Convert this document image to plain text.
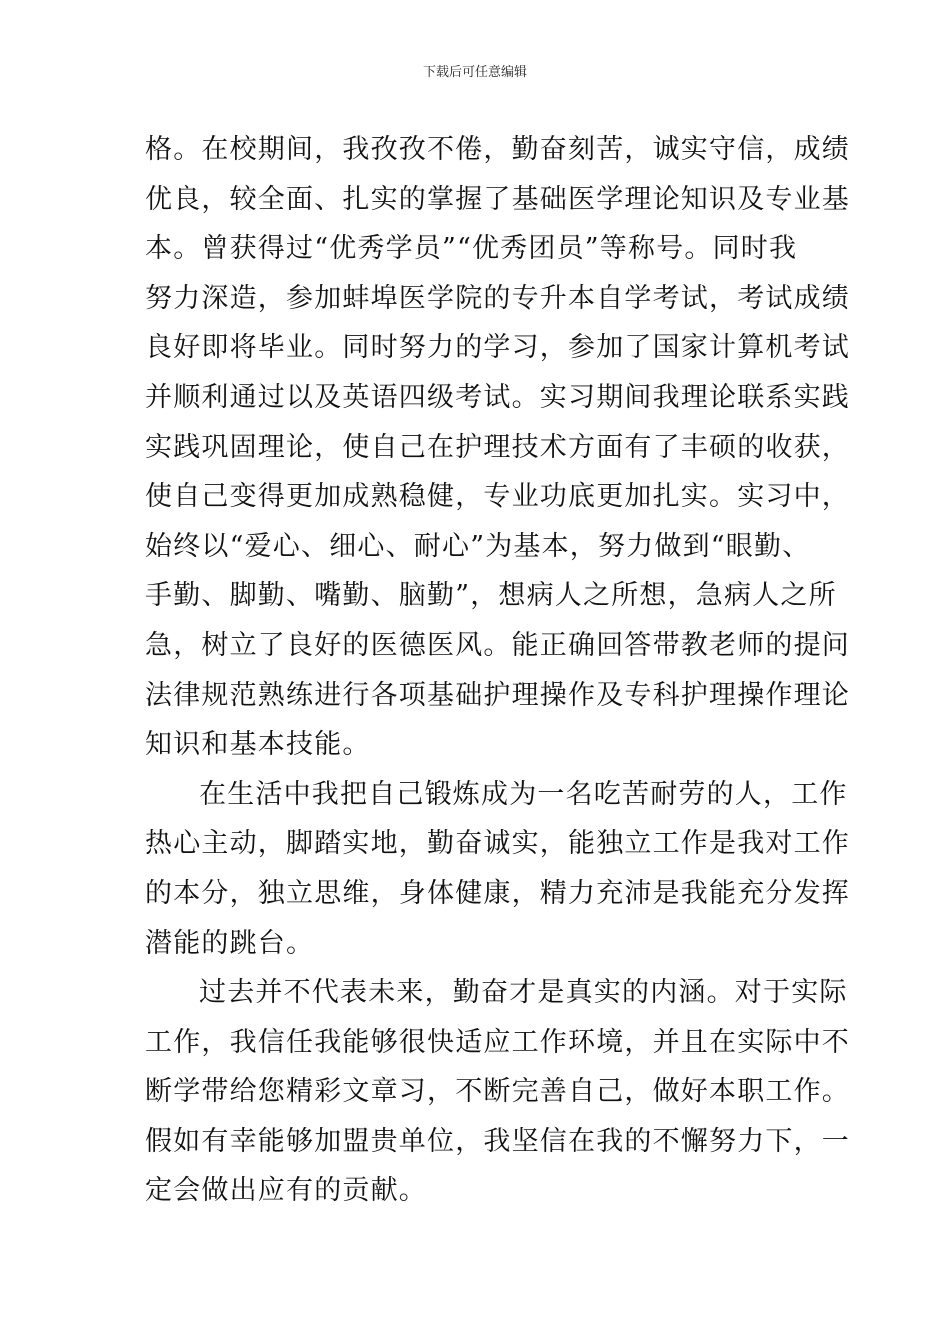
下载后可任意编辑
格。在校期间，我孜孜不倦，勤奋刻苦，诚实守信，成绩
优良，较全面、扎实的掌握了基础医学理论知识及专业基
本。曾获得过“优秀学员”“优秀团员”等称号。同时我
努力深造，参加蚌埠医学院的专升本自学考试，考试成绩
良好即将毕业。同时努力的学习，参加了国家计算机考试
并顺利通过以及英语四级考试。实习期间我理论联系实践
实践巩固理论，使自己在护理技术方面有了丰硕的收获，
使自己变得更加成熟稳健，专业功底更加扎实。实习中，
始终以“爱心、细心、耐心”为基本，努力做到“眼勤、
手勤、脚勤、嘴勤、脑勤”，想病人之所想，急病人之所
急，树立了良好的医德医风。能正确回答带教老师的提问
法律规范熟练进行各项基础护理操作及专科护理操作理论
知识和基本技能。
在生活中我把自己锻炼成为一名吃苦耐劳的人，工作
热心主动，脚踏实地，勤奋诚实，能独立工作是我对工作
的本分，独立思维，身体健康，精力充沛是我能充分发挥
潜能的跳台。
过去并不代表未来，勤奋才是真实的内涵。对于实际
工作，我信任我能够很快适应工作环境，并且在实际中不
断学带给您精彩文章习，不断完善自己，做好本职工作。
假如有幸能够加盟贵单位，我坚信在我的不懈努力下，一
定会做出应有的贡献。
